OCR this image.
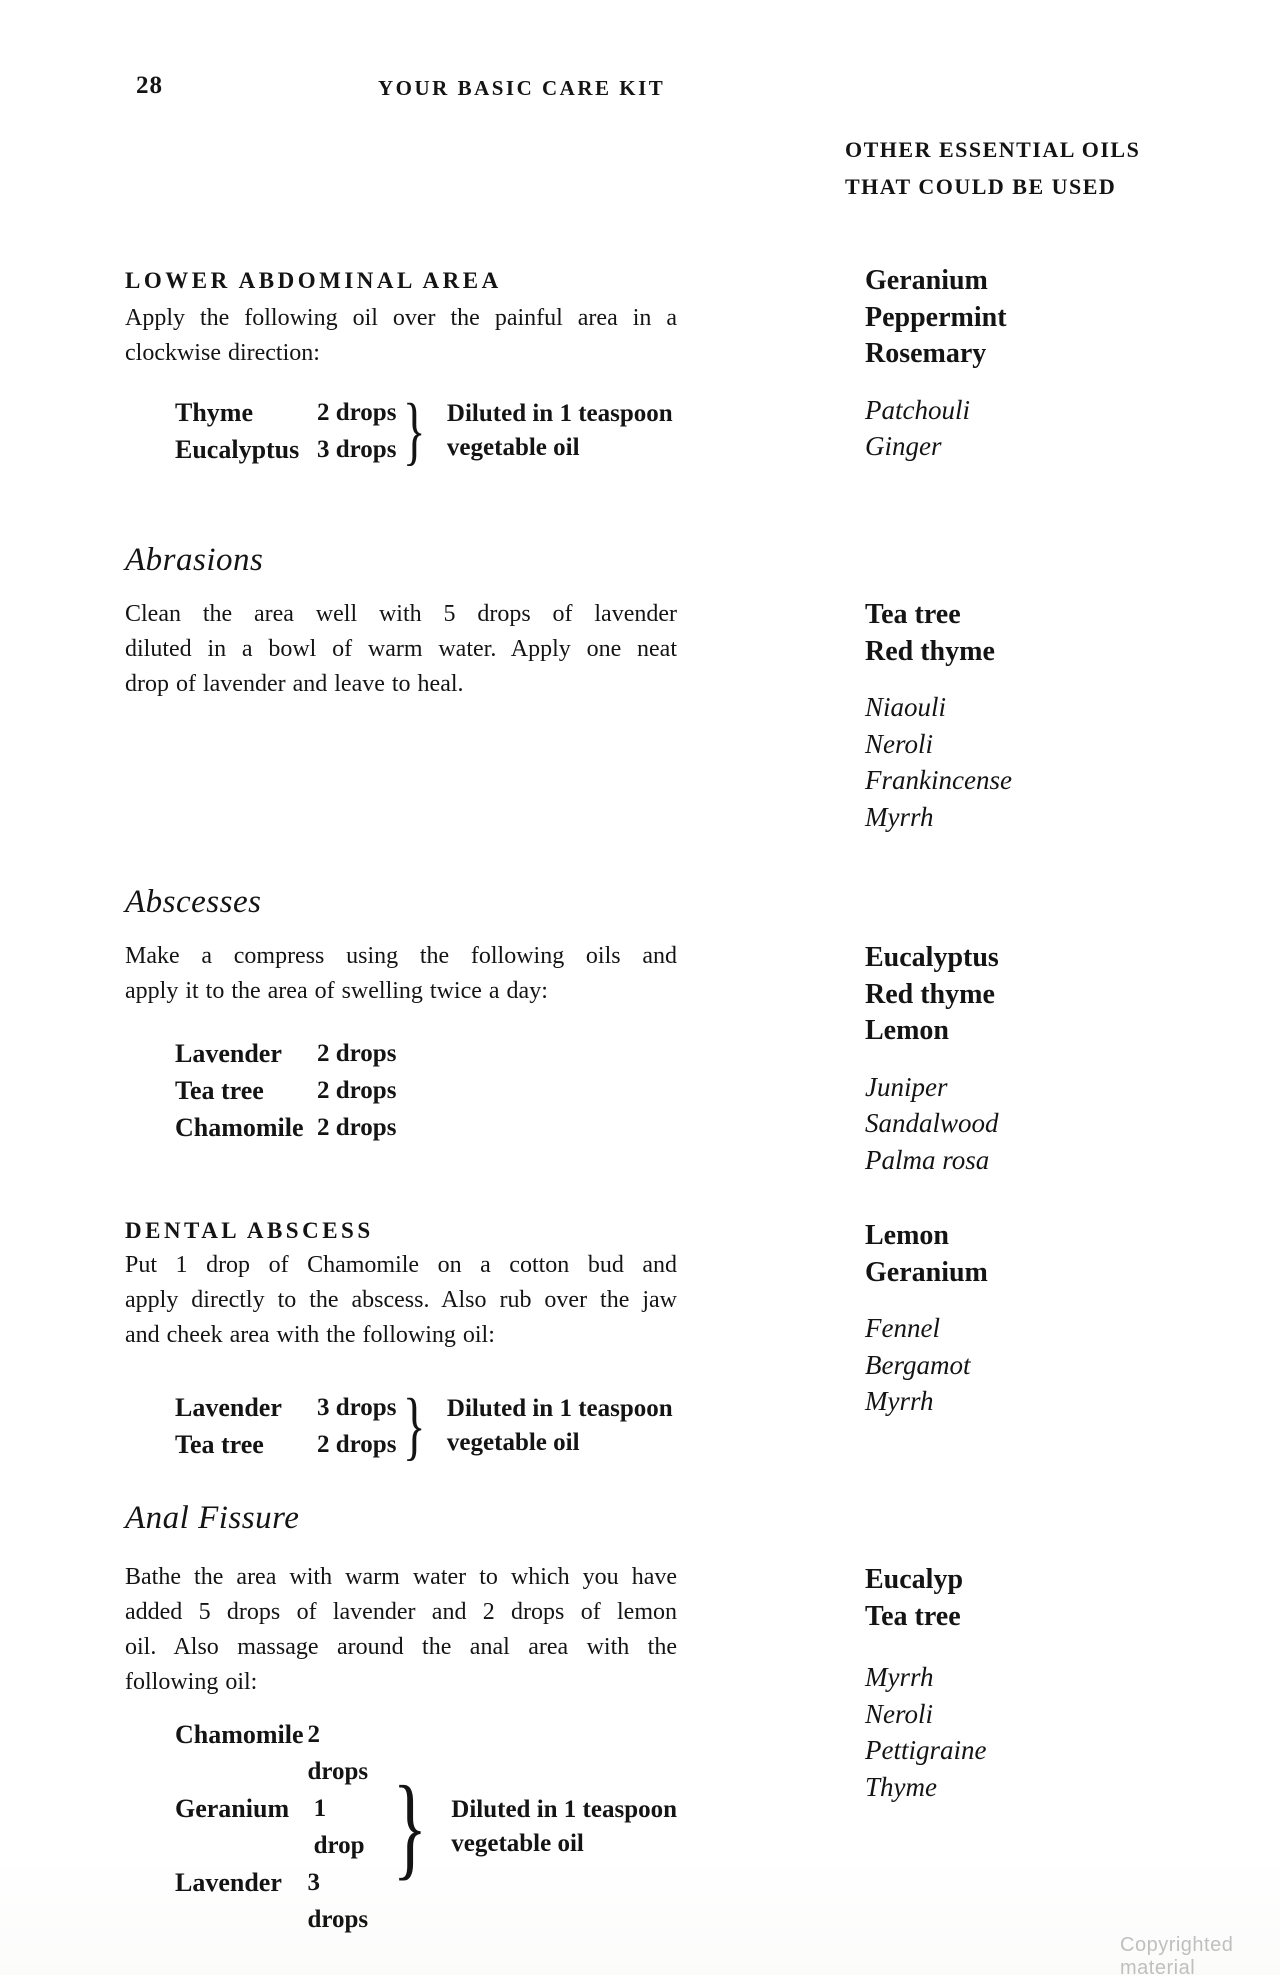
28	YOUR BASIC CARE KIT
OTHER ESSENTIAL OILS
THAT COULD BE USED
LOWER ABDOMINAL AREA

Apply the following oil over the painful area in a

clockwise direction:

Thyme	2 drops
Eucalyptus 3 drops } Diluted in 1 teaspoon
vegetable oil
Geranium
Peppermint
Rosemary
Patchouli
Ginger
Abrasions

Clean the area well with 5 drops of lavender

diluted in a bowl of warm water. Apply one neat

drop of lavender and leave to heal.

Tea tree
Red thyme
Niaouli
Neroli
Frankincense
Myrrh
Abscesses

Make a compress using the following oils and

apply it to the area of swelling twice a day:

Lavender	2 drops
Tea tree	2 drops
Chamomile 2 drops
Eucalyptus
Red thyme
Lemon
Juniper
Sandalwood
Palma rosa
DENTAL ABSCESS

Put 1 drop of Chamomile on a cotton bud and

apply directly to the abscess. Also rub over the jaw

and cheek area with the following oil:

Lavender	3 drops
Tea tree	2 drops } Diluted in 1 teaspoon
vegetable oil
Lemon
Geranium
Fennel
Bergamot
Myrrh
Anal Fissure

Bathe the area with warm water to which you have

added 5 drops of lavender and 2 drops of lemon

oil. Also massage around the anal area with the

following oil:

Chamomile 2 drops
Geranium 1 drop
Lavender	3 drops
} Diluted in 1 teaspoon
vegetable oil
Eucalyp
Tea tree
Myrrh
Neroli
Pettigraine
Thyme
Copyrighted material
